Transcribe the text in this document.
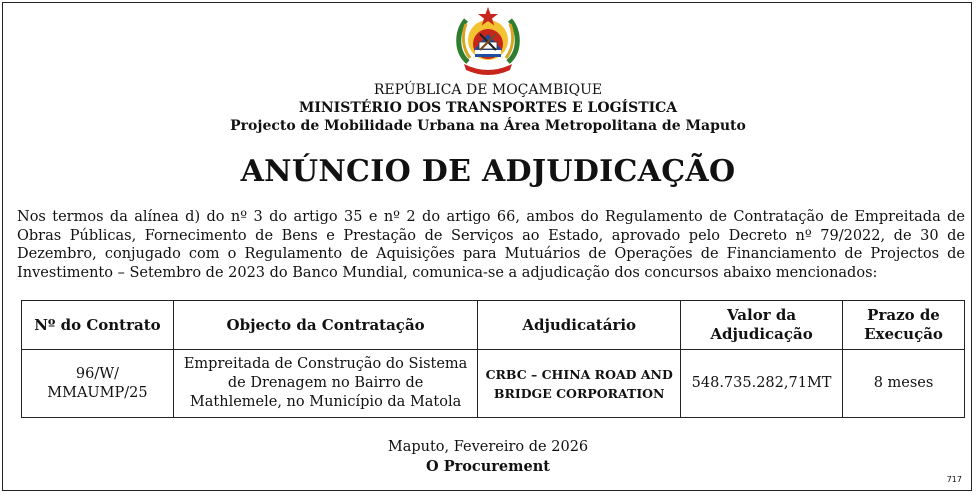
REPÚBLICA DE MOÇAMBIQUE
MINISTÉRIO DOS TRANSPORTES E LOGÍSTICA
Projecto de Mobilidade Urbana na Área Metropolitana de Maputo
ANÚNCIO DE ADJUDICAÇÃO
Nos termos da alínea d) do nº 3 do artigo 35 e nº 2 do artigo 66, ambos do Regulamento de Contratação de Empreitada de Obras Públicas, Fornecimento de Bens e Prestação de Serviços ao Estado, aprovado pelo Decreto nº 79/2022, de 30 de Dezembro, conjugado com o Regulamento de Aquisições para Mutuários de Operações de Financiamento de Projectos de Investimento – Setembro de 2023 do Banco Mundial, comunica-se a adjudicação dos concursos abaixo mencionados:
Nº do Contrato	Objecto da Contratação	Adjudicatário	Valor da Adjudicação	Prazo de Execução
96/W/ MMAUMP/25	Empreitada de Construção do Sistema de Drenagem no Bairro de Mathlemele, no Município da Matola	CRBC – CHINA ROAD AND BRIDGE CORPORATION	548.735.282,71MT	8 meses
Maputo, Fevereiro de 2026
O Procurement
717
